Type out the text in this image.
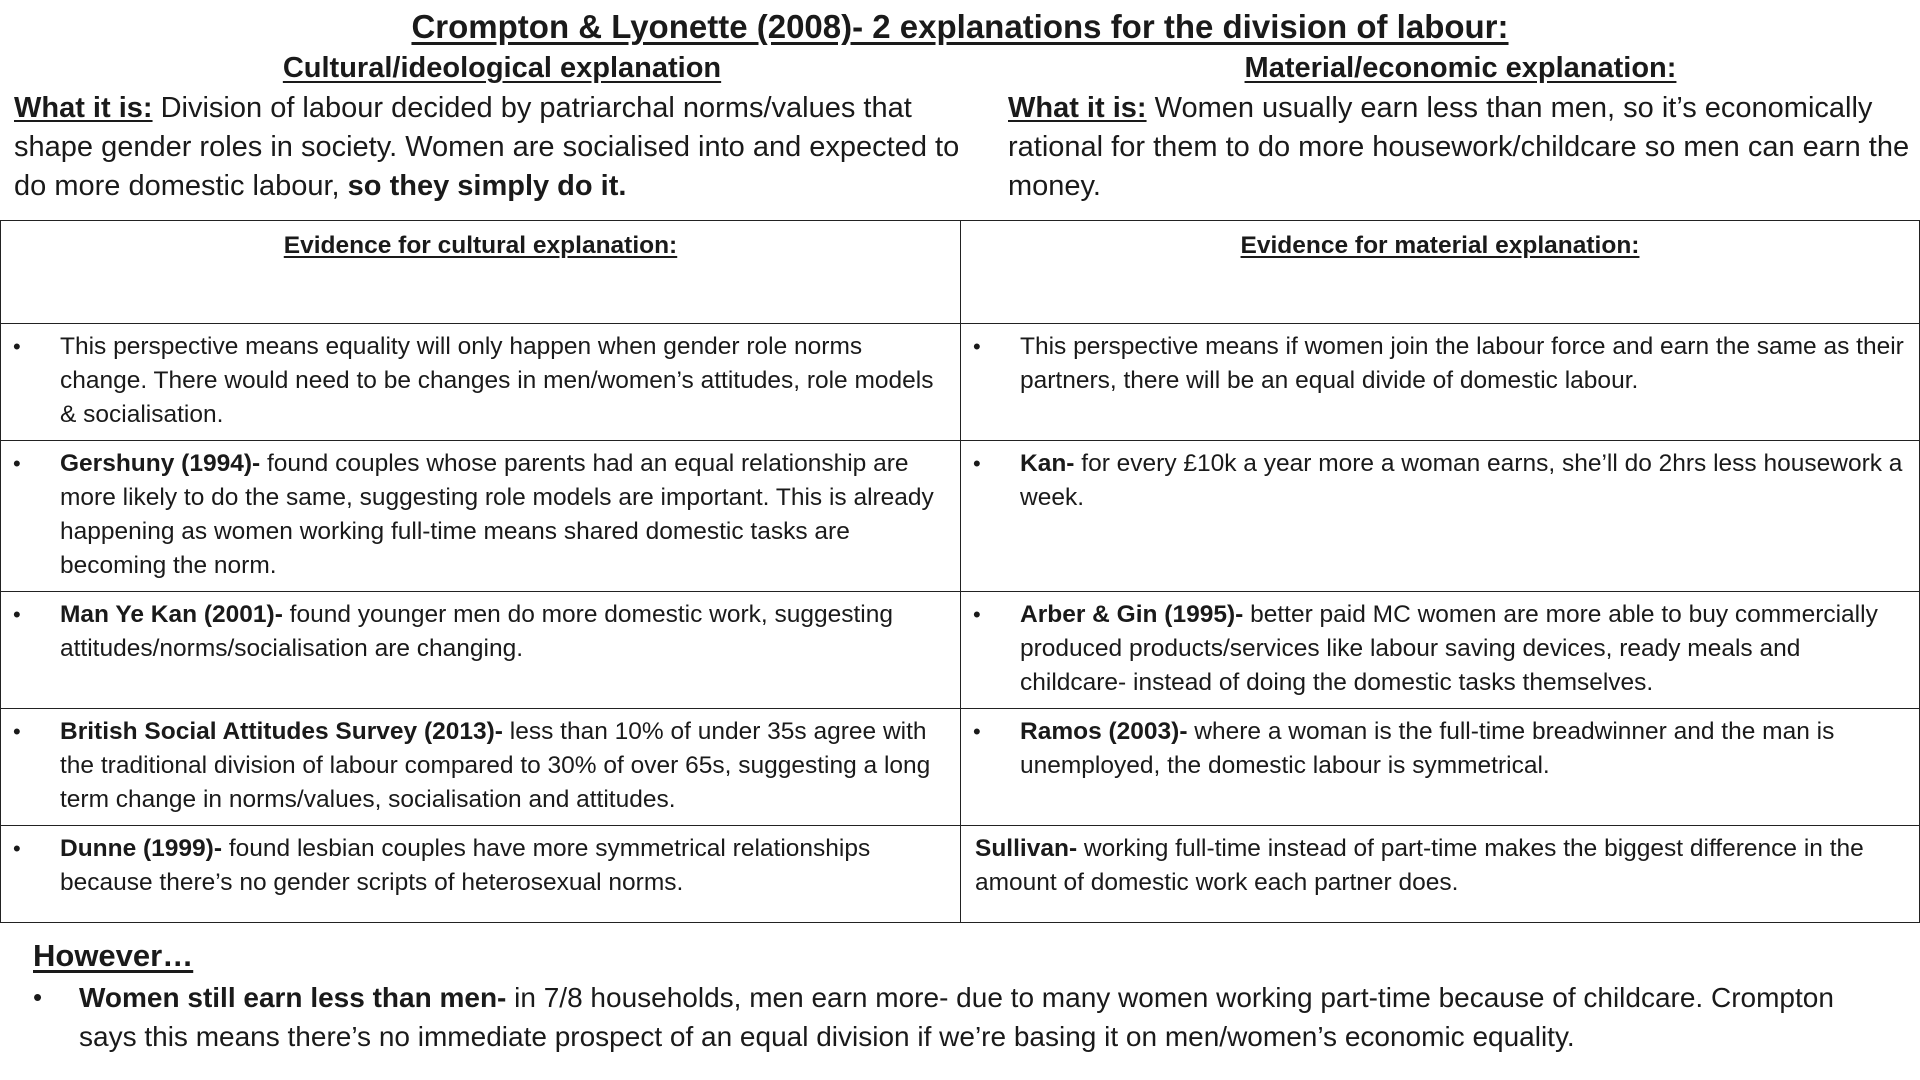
Crompton & Lyonette (2008)- 2 explanations for the division of labour:
Cultural/ideological explanation

What it is: Division of labour decided by patriarchal norms/values that shape gender roles in society. Women are socialised into and expected to do more domestic labour, so they simply do it.

Material/economic explanation:

What it is: Women usually earn less than men, so it’s economically rational for them to do more housework/childcare so men can earn the money.

Evidence for cultural explanation:	Evidence for material explanation:

• This perspective means equality will only happen when gender role norms change. There would need to be changes in men/women’s attitudes, role models & socialisation.	• This perspective means if women join the labour force and earn the same as their partners, there will be an equal divide of domestic labour.

• Gershuny (1994)- found couples whose parents had an equal relationship are more likely to do the same, suggesting role models are important. This is already happening as women working full-time means shared domestic tasks are becoming the norm.	• Kan- for every £10k a year more a woman earns, she’ll do 2hrs less housework a week.

• Man Ye Kan (2001)- found younger men do more domestic work, suggesting attitudes/norms/socialisation are changing.	• Arber & Gin (1995)- better paid MC women are more able to buy commercially produced products/services like labour saving devices, ready meals and childcare- instead of doing the domestic tasks themselves.

• British Social Attitudes Survey (2013)- less than 10% of under 35s agree with the traditional division of labour compared to 30% of over 65s, suggesting a long term change in norms/values, socialisation and attitudes.	• Ramos (2003)- where a woman is the full-time breadwinner and the man is unemployed, the domestic labour is symmetrical.

• Dunne (1999)- found lesbian couples have more symmetrical relationships because there’s no gender scripts of heterosexual norms.	Sullivan- working full-time instead of part-time makes the biggest difference in the amount of domestic work each partner does.
However…
• Women still earn less than men- in 7/8 households, men earn more- due to many women working part-time because of childcare. Crompton says this means there’s no immediate prospect of an equal division if we’re basing it on men/women’s economic equality.
